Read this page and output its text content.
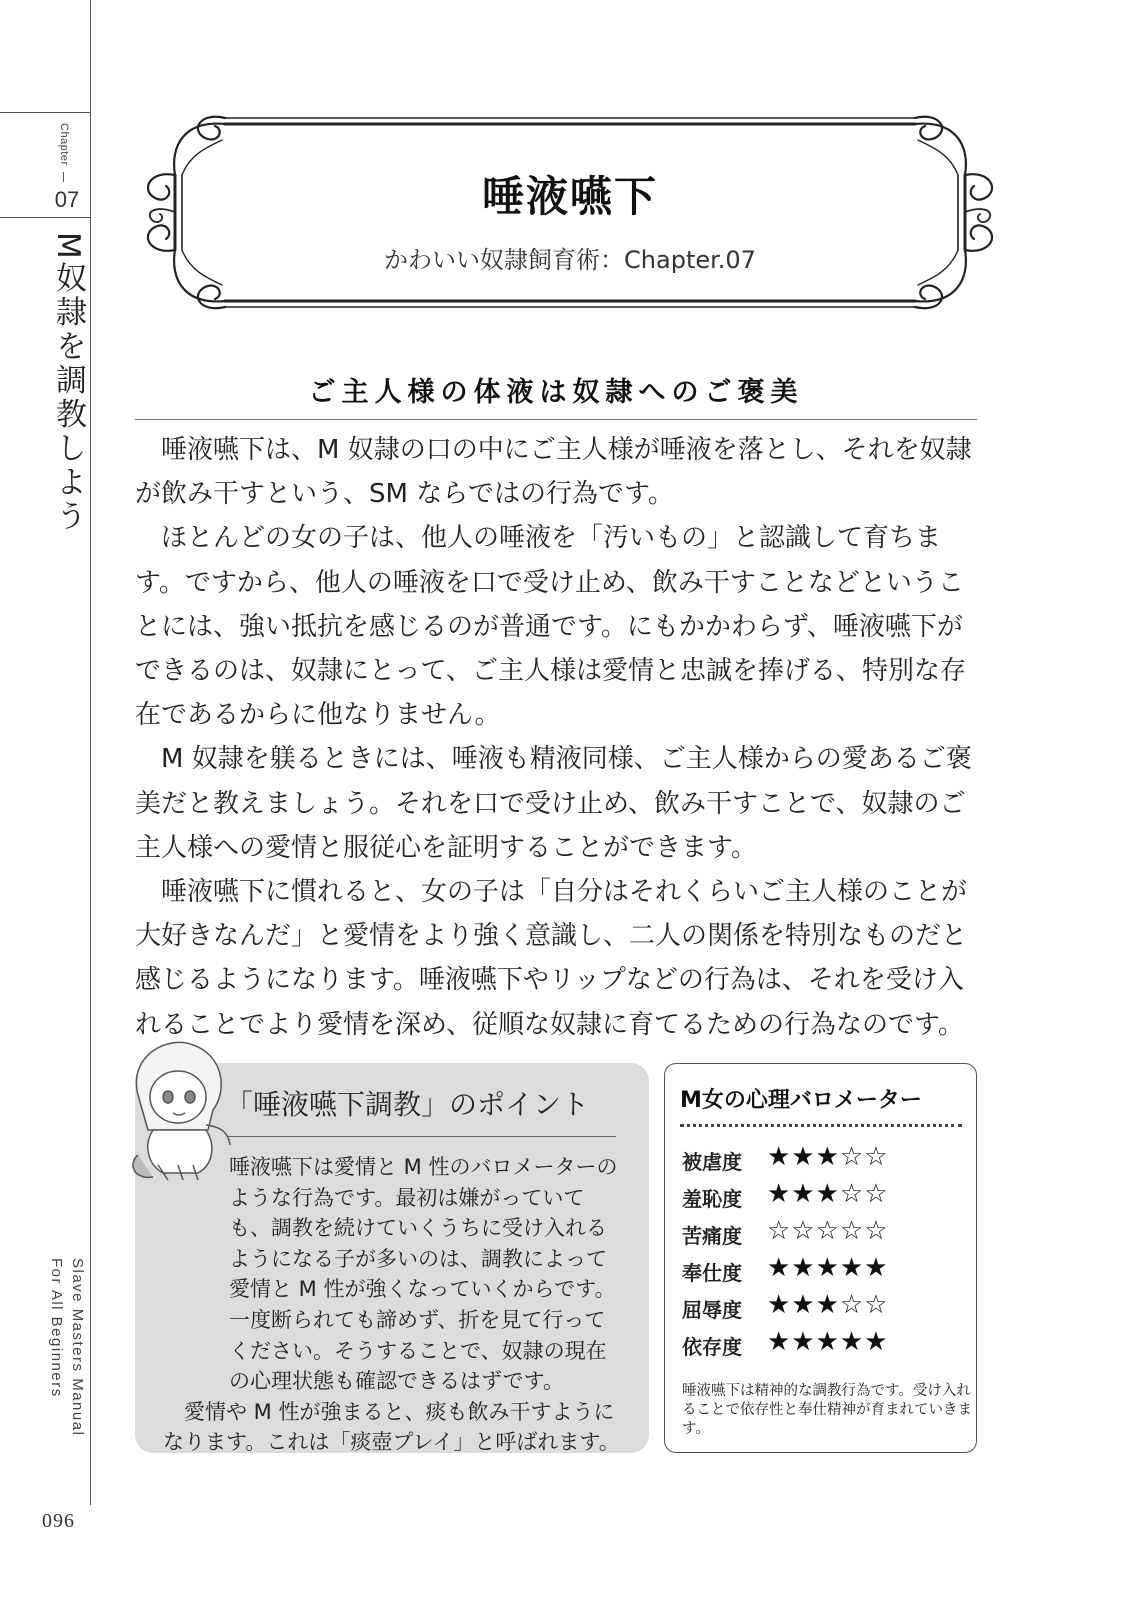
Chapter
07
M奴隷を調教しよう
Slave Masters Manual
For All Beginners
096
唾液嚥下
かわいい奴隷飼育術：Chapter.07
ご主人様の体液は奴隷へのご褒美

唾液嚥下は、M 奴隷の口の中にご主人様が唾液を落とし、それを奴隷が飲み干すという、SM ならではの行為です。

ほとんどの女の子は、他人の唾液を「汚いもの」と認識して育ちます。ですから、他人の唾液を口で受け止め、飲み干すことなどということには、強い抵抗を感じるのが普通です。にもかかわらず、唾液嚥下ができるのは、奴隷にとって、ご主人様は愛情と忠誠を捧げる、特別な存在であるからに他なりません。

M 奴隷を躾るときには、唾液も精液同様、ご主人様からの愛あるご褒美だと教えましょう。それを口で受け止め、飲み干すことで、奴隷のご主人様への愛情と服従心を証明することができます。

唾液嚥下に慣れると、女の子は「自分はそれくらいご主人様のことが大好きなんだ」と愛情をより強く意識し、二人の関係を特別なものだと感じるようになります。唾液嚥下やリップなどの行為は、それを受け入れることでより愛情を深め、従順な奴隷に育てるための行為なのです。

「唾液嚥下調教」のポイント

唾液嚥下は愛情と M 性のバロメーターのような行為です。最初は嫌がっていても、調教を続けていくうちに受け入れるようになる子が多いのは、調教によって愛情と M 性が強くなっていくからです。一度断られても諦めず、折を見て行ってください。そうすることで、奴隷の現在の心理状態も確認できるはずです。

愛情や M 性が強まると、痰も飲み干すようになります。これは「痰壺プレイ」と呼ばれます。

M女の心理バロメーター
被虐度 ★★★☆☆
羞恥度 ★★★☆☆
苦痛度 ☆☆☆☆☆
奉仕度 ★★★★★
屈辱度 ★★★☆☆
依存度 ★★★★★
唾液嚥下は精神的な調教行為です。受け入れることで依存性と奉仕精神が育まれていきます。
